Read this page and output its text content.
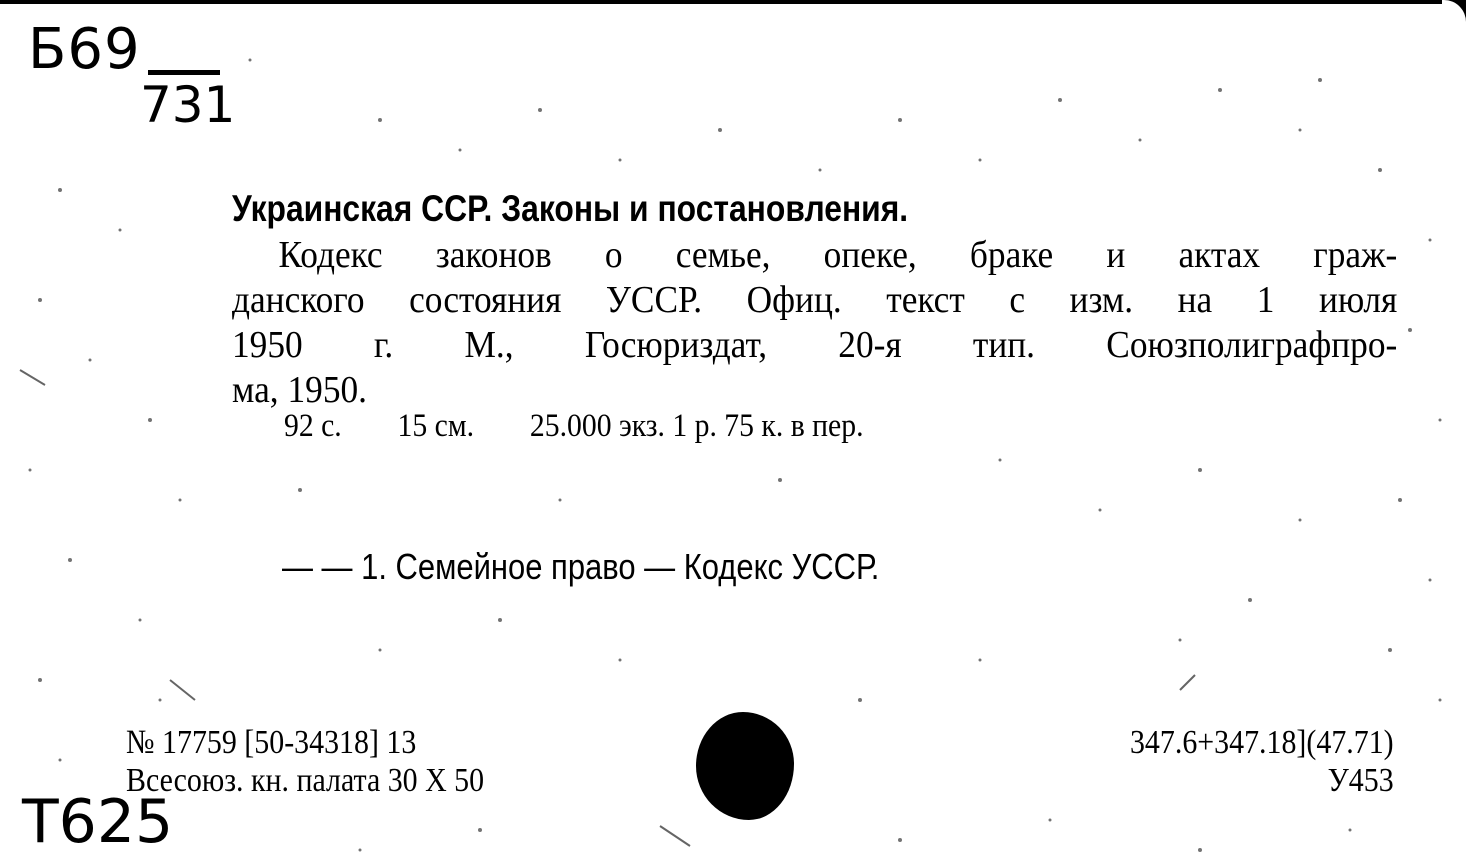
Б69
731
Украинская ССР. Законы и постановления.
Кодекс законов о семье, опеке, браке и актах граж-
данского состояния УССР. Офиц. текст с изм. на 1 июля
1950 г. М., Госюриздат, 20-я тип. Союзполиграфпро-
ма, 1950.
92 с. 15 см. 25.000 экз. 1 р. 75 к. в пер.
— — 1. Семейное право — Кодекс УССР.
№ 17759 [50-34318] 13
Всесоюз. кн. палата 30 X 50
347.6+347.18](47.71)
У453
Т625
